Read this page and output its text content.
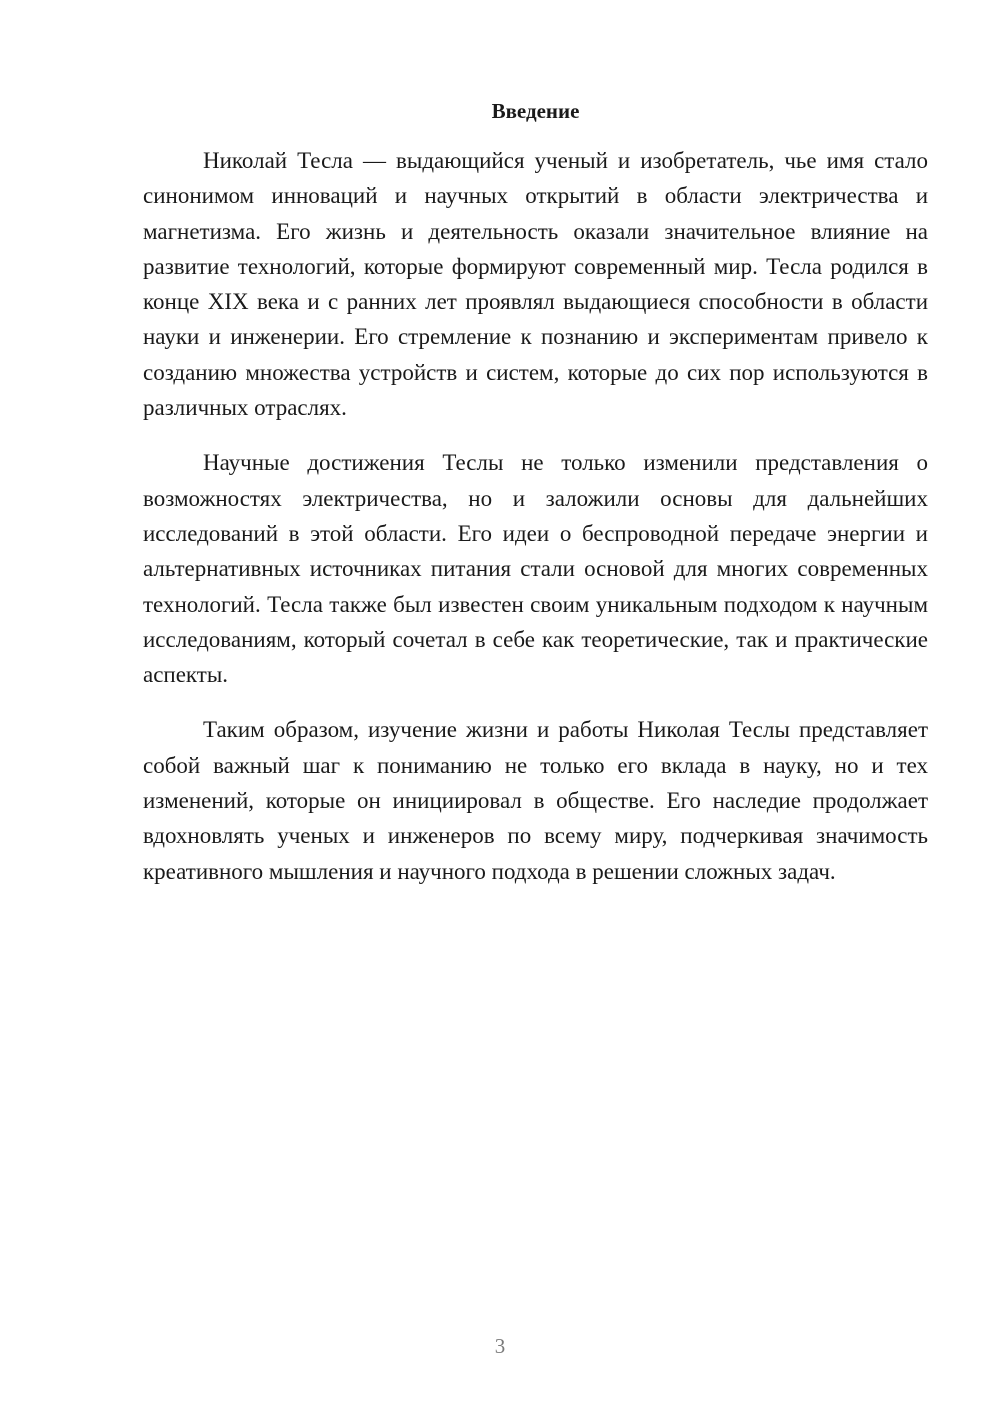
Введение

Николай Тесла — выдающийся ученый и изобретатель, чье имя стало синонимом инноваций и научных открытий в области электричества и магнетизма. Его жизнь и деятельность оказали значительное влияние на развитие технологий, которые формируют современный мир. Тесла родился в конце XIX века и с ранних лет проявлял выдающиеся способности в области науки и инженерии. Его стремление к познанию и экспериментам привело к созданию множества устройств и систем, которые до сих пор используются в различных отраслях.

Научные достижения Теслы не только изменили представления о возможностях электричества, но и заложили основы для дальнейших исследований в этой области. Его идеи о беспроводной передаче энергии и альтернативных источниках питания стали основой для многих современных технологий. Тесла также был известен своим уникальным подходом к научным исследованиям, который сочетал в себе как теоретические, так и практические аспекты.

Таким образом, изучение жизни и работы Николая Теслы представляет собой важный шаг к пониманию не только его вклада в науку, но и тех изменений, которые он инициировал в обществе. Его наследие продолжает вдохновлять ученых и инженеров по всему миру, подчеркивая значимость креативного мышления и научного подхода в решении сложных задач.

3
